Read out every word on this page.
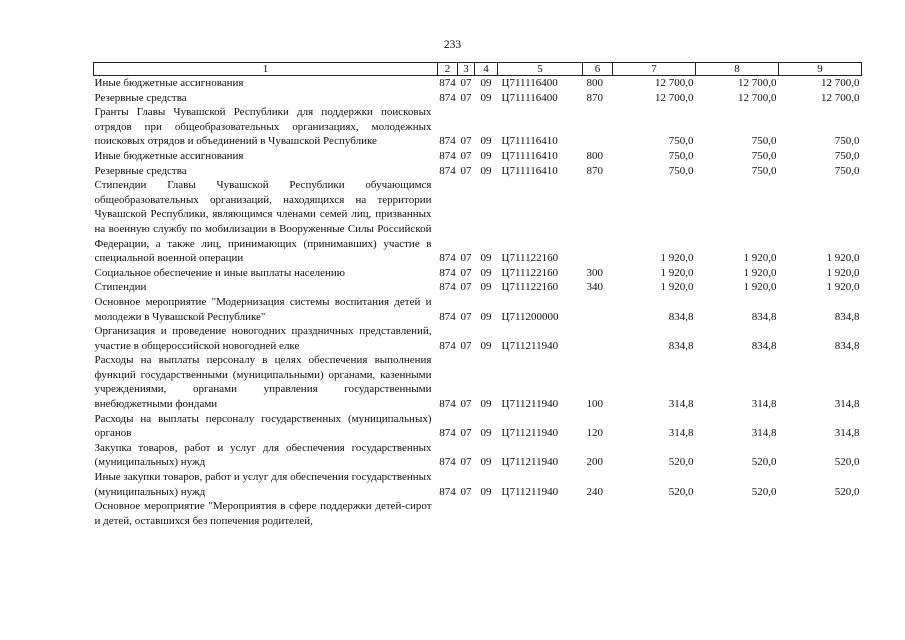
233
1	2	3	4	5	6	7	8	9
Иные бюджетные ассигнования	874	07	09	Ц711116400	800	12 700,0	12 700,0	12 700,0
Резервные средства	874	07	09	Ц711116400	870	12 700,0	12 700,0	12 700,0
Гранты Главы Чувашской Республики для поддержки поисковых отрядов при общеобразовательных организациях, молодежных поисковых отрядов и объединений в Чувашской Республике	874	07	09	Ц711116410		750,0	750,0	750,0
Иные бюджетные ассигнования	874	07	09	Ц711116410	800	750,0	750,0	750,0
Резервные средства	874	07	09	Ц711116410	870	750,0	750,0	750,0
Стипендии Главы Чувашской Республики обучающимся общеобразовательных организаций, находящихся на территории Чувашской Республики, являющимся членами семей лиц, призванных на военную службу по мобилизации в Вооруженные Силы Российской Федерации, а также лиц, принимающих (принимавших) участие в специальной военной операции	874	07	09	Ц711122160		1 920,0	1 920,0	1 920,0
Социальное обеспечение и иные выплаты населению	874	07	09	Ц711122160	300	1 920,0	1 920,0	1 920,0
Стипендии	874	07	09	Ц711122160	340	1 920,0	1 920,0	1 920,0
Основное мероприятие "Модернизация системы воспитания детей и молодежи в Чувашской Республике"	874	07	09	Ц711200000		834,8	834,8	834,8
Организация и проведение новогодних праздничных представлений, участие в общероссийской новогодней елке	874	07	09	Ц711211940		834,8	834,8	834,8
Расходы на выплаты персоналу в целях обеспечения выполнения функций государственными (муниципальными) органами, казенными учреждениями, органами управления государственными внебюджетными фондами	874	07	09	Ц711211940	100	314,8	314,8	314,8
Расходы на выплаты персоналу государственных (муниципальных) органов	874	07	09	Ц711211940	120	314,8	314,8	314,8
Закупка товаров, работ и услуг для обеспечения государственных (муниципальных) нужд	874	07	09	Ц711211940	200	520,0	520,0	520,0
Иные закупки товаров, работ и услуг для обеспечения государственных (муниципальных) нужд	874	07	09	Ц711211940	240	520,0	520,0	520,0
Основное мероприятие "Мероприятия в сфере поддержки детей-сирот и детей, оставшихся без попечения родителей,								
